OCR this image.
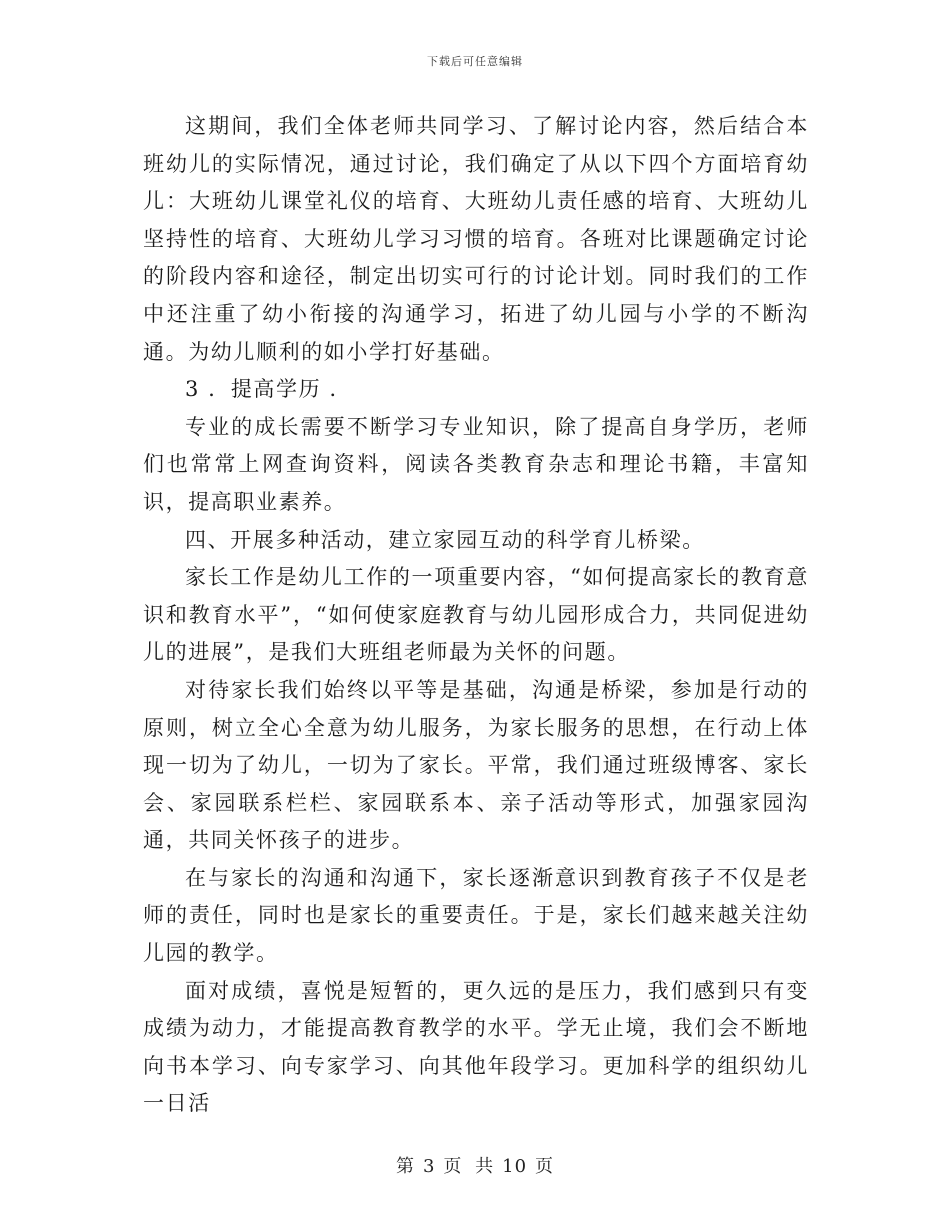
下载后可任意编辑

这期间，我们全体老师共同学习、了解讨论内容，然后结合本班幼儿的实际情况，通过讨论，我们确定了从以下四个方面培育幼儿：大班幼儿课堂礼仪的培育、大班幼儿责任感的培育、大班幼儿坚持性的培育、大班幼儿学习习惯的培育。各班对比课题确定讨论的阶段内容和途径，制定出切实可行的讨论计划。同时我们的工作中还注重了幼小衔接的沟通学习，拓进了幼儿园与小学的不断沟通。为幼儿顺利的如小学打好基础。

3 ．提高学历 ．

专业的成长需要不断学习专业知识，除了提高自身学历，老师们也常常上网查询资料，阅读各类教育杂志和理论书籍，丰富知识，提高职业素养。

四、开展多种活动，建立家园互动的科学育儿桥梁。

家长工作是幼儿工作的一项重要内容，“如何提高家长的教育意识和教育水平”，“如何使家庭教育与幼儿园形成合力，共同促进幼儿的进展”，是我们大班组老师最为关怀的问题。

对待家长我们始终以平等是基础，沟通是桥梁，参加是行动的原则，树立全心全意为幼儿服务，为家长服务的思想，在行动上体现一切为了幼儿，一切为了家长。平常，我们通过班级博客、家长会、家园联系栏栏、家园联系本、亲子活动等形式，加强家园沟通，共同关怀孩子的进步。

在与家长的沟通和沟通下，家长逐渐意识到教育孩子不仅是老师的责任，同时也是家长的重要责任。于是，家长们越来越关注幼儿园的教学。

面对成绩，喜悦是短暂的，更久远的是压力，我们感到只有变成绩为动力，才能提高教育教学的水平。学无止境，我们会不断地向书本学习、向专家学习、向其他年段学习。更加科学的组织幼儿一日活

第 3 页 共 10 页
